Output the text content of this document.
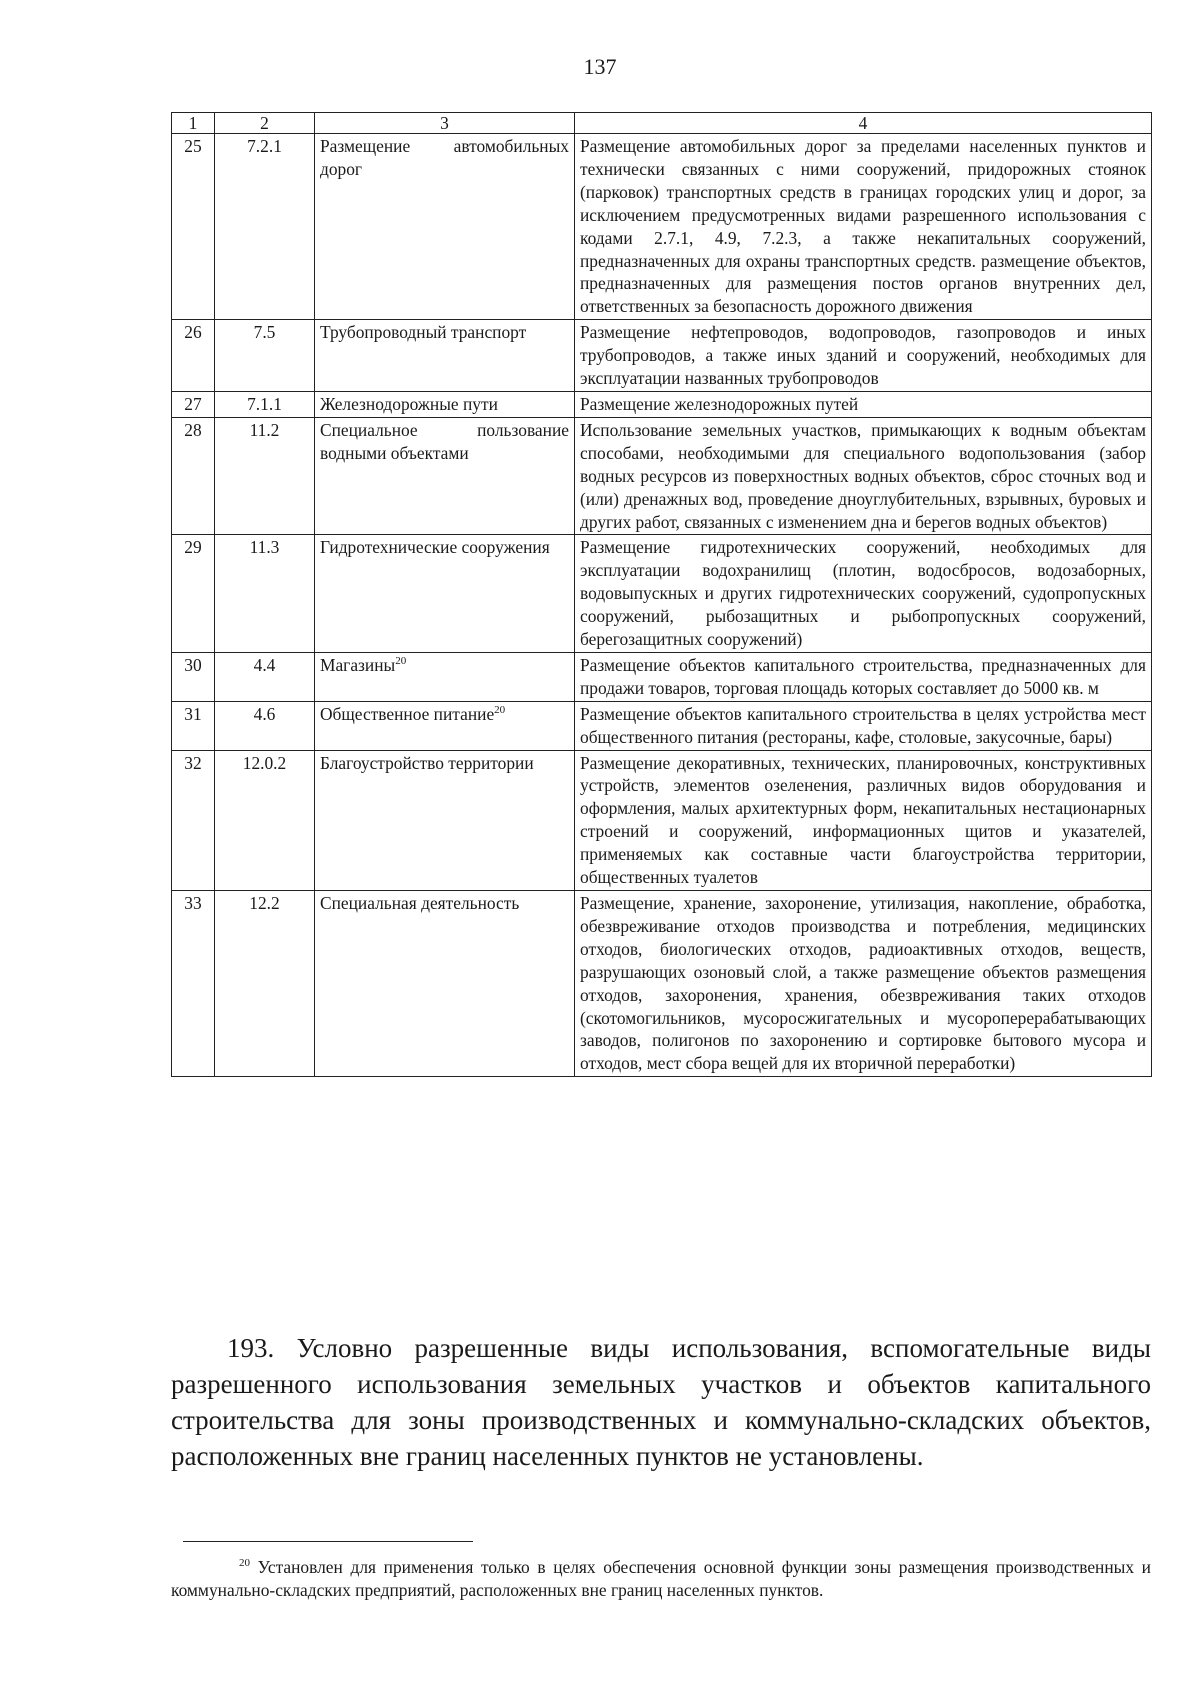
137
1	2	3	4
25	7.2.1	Размещение автомобильных дорог	Размещение автомобильных дорог за пределами населенных пунктов и технически связанных с ними сооружений, придорожных стоянок (парковок) транспортных средств в границах городских улиц и дорог, за исключением предусмотренных видами разрешенного использования с кодами 2.7.1, 4.9, 7.2.3, а также некапитальных сооружений, предназначенных для охраны транспортных средств. размещение объектов, предназначенных для размещения постов органов внутренних дел, ответственных за безопасность дорожного движения
26	7.5	Трубопроводный транспорт	Размещение нефтепроводов, водопроводов, газопроводов и иных трубопроводов, а также иных зданий и сооружений, необходимых для эксплуатации названных трубопроводов
27	7.1.1	Железнодорожные пути	Размещение железнодорожных путей
28	11.2	Специальное пользование водными объектами	Использование земельных участков, примыкающих к водным объектам способами, необходимыми для специального водопользования (забор водных ресурсов из поверхностных водных объектов, сброс сточных вод и (или) дренажных вод, проведение дноуглубительных, взрывных, буровых и других работ, связанных с изменением дна и берегов водных объектов)
29	11.3	Гидротехнические сооружения	Размещение гидротехнических сооружений, необходимых для эксплуатации водохранилищ (плотин, водосбросов, водозаборных, водовыпускных и других гидротехнических сооружений, судопропускных сооружений, рыбозащитных и рыбопропускных сооружений, берегозащитных сооружений)
30	4.4	Магазины$^{20}$	Размещение объектов капитального строительства, предназначенных для продажи товаров, торговая площадь которых составляет до 5000 кв. м
31	4.6	Общественное питание$^{20}$	Размещение объектов капитального строительства в целях устройства мест общественного питания (рестораны, кафе, столовые, закусочные, бары)
32	12.0.2	Благоустройство территории	Размещение декоративных, технических, планировочных, конструктивных устройств, элементов озеленения, различных видов оборудования и оформления, малых архитектурных форм, некапитальных нестационарных строений и сооружений, информационных щитов и указателей, применяемых как составные части благоустройства территории, общественных туалетов
33	12.2	Специальная деятельность	Размещение, хранение, захоронение, утилизация, накопление, обработка, обезвреживание отходов производства и потребления, медицинских отходов, биологических отходов, радиоактивных отходов, веществ, разрушающих озоновый слой, а также размещение объектов размещения отходов, захоронения, хранения, обезвреживания таких отходов (скотомогильников, мусоросжигательных и мусороперерабатывающих заводов, полигонов по захоронению и сортировке бытового мусора и отходов, мест сбора вещей для их вторичной переработки)

193. Условно разрешенные виды использования, вспомогательные виды разрешенного использования земельных участков и объектов капитального строительства для зоны производственных и коммунально-складских объектов, расположенных вне границ населенных пунктов не установлены.

$^{20}$ Установлен для применения только в целях обеспечения основной функции зоны размещения производственных и коммунально-складских предприятий, расположенных вне границ населенных пунктов.
